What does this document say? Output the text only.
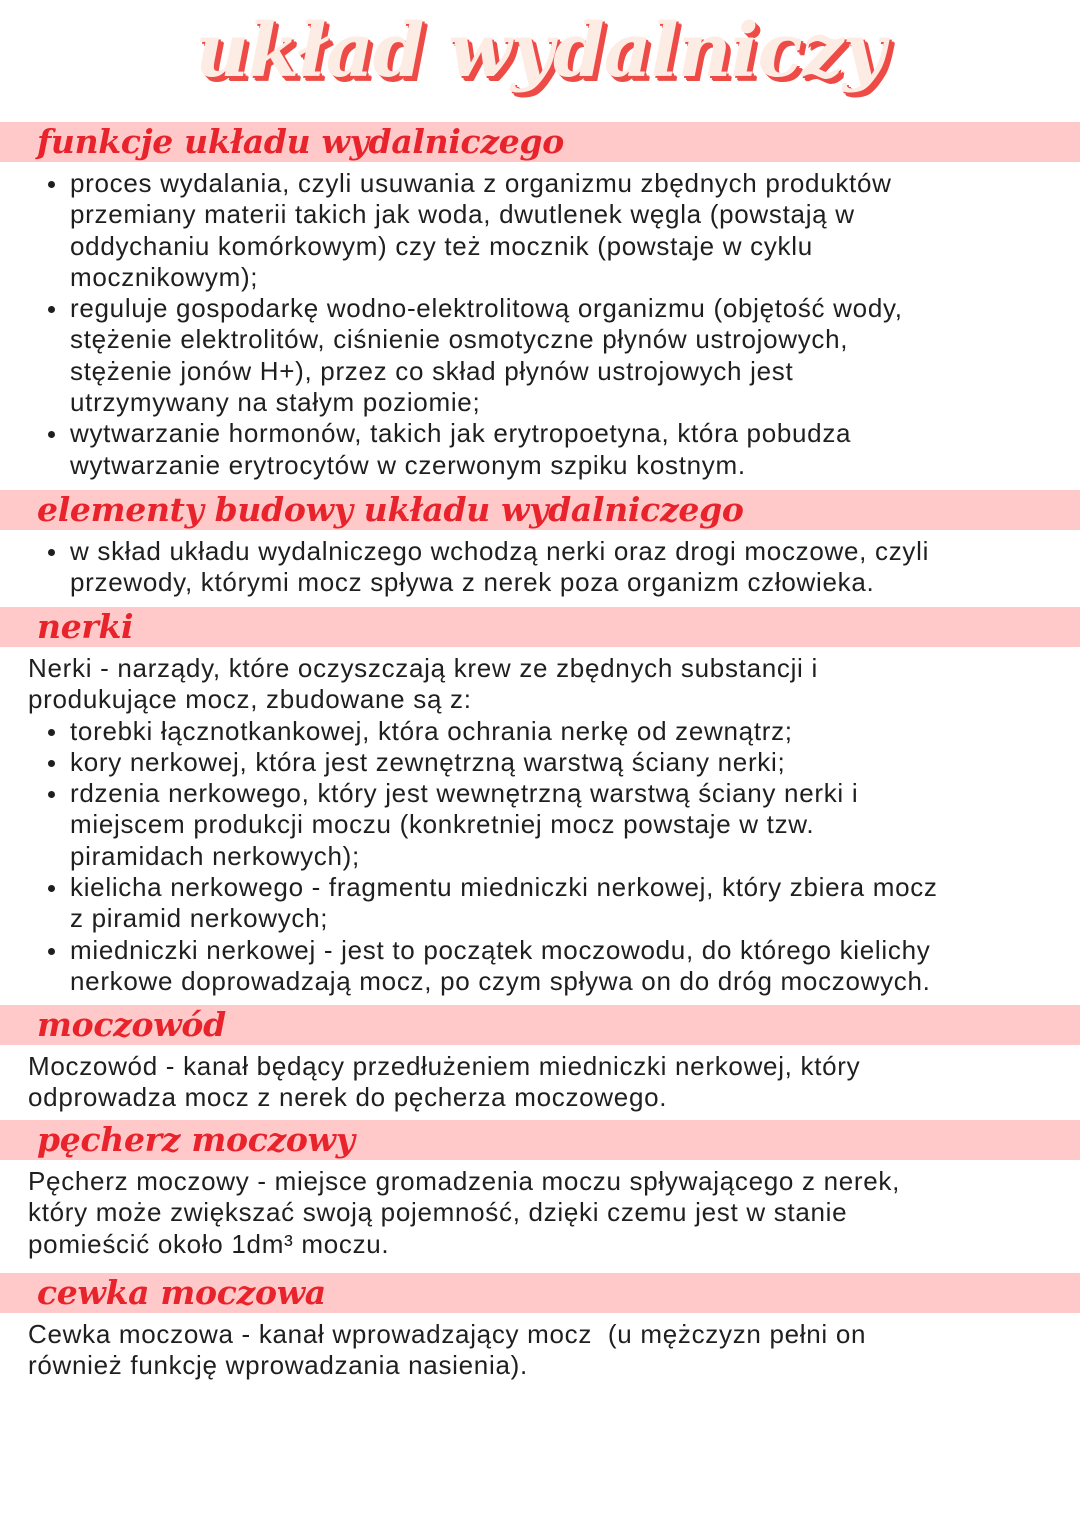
układ wydalniczy
funkcje układu wydalniczego
proces wydalania, czyli usuwania z organizmu zbędnych produktów
przemiany materii takich jak woda, dwutlenek węgla (powstają w
oddychaniu komórkowym) czy też mocznik (powstaje w cyklu
mocznikowym);
reguluje gospodarkę wodno-elektrolitową organizmu (objętość wody,
stężenie elektrolitów, ciśnienie osmotyczne płynów ustrojowych,
stężenie jonów H+), przez co skład płynów ustrojowych jest
utrzymywany na stałym poziomie;
wytwarzanie hormonów, takich jak erytropoetyna, która pobudza
wytwarzanie erytrocytów w czerwonym szpiku kostnym.
elementy budowy układu wydalniczego
w skład układu wydalniczego wchodzą nerki oraz drogi moczowe, czyli
przewody, którymi mocz spływa z nerek poza organizm człowieka.
nerki
Nerki - narządy, które oczyszczają krew ze zbędnych substancji i
produkujące mocz, zbudowane są z:
torebki łącznotkankowej, która ochrania nerkę od zewnątrz;
kory nerkowej, która jest zewnętrzną warstwą ściany nerki;
rdzenia nerkowego, który jest wewnętrzną warstwą ściany nerki i
miejscem produkcji moczu (konkretniej mocz powstaje w tzw.
piramidach nerkowych);
kielicha nerkowego - fragmentu miedniczki nerkowej, który zbiera mocz
z piramid nerkowych;
miedniczki nerkowej - jest to początek moczowodu, do którego kielichy
nerkowe doprowadzają mocz, po czym spływa on do dróg moczowych.
moczowód
Moczowód - kanał będący przedłużeniem miedniczki nerkowej, który
odprowadza mocz z nerek do pęcherza moczowego.
pęcherz moczowy
Pęcherz moczowy - miejsce gromadzenia moczu spływającego z nerek,
który może zwiększać swoją pojemność, dzięki czemu jest w stanie
pomieścić około 1dm³ moczu.
cewka moczowa
Cewka moczowa - kanał wprowadzający mocz  (u mężczyzn pełni on
również funkcję wprowadzania nasienia).
